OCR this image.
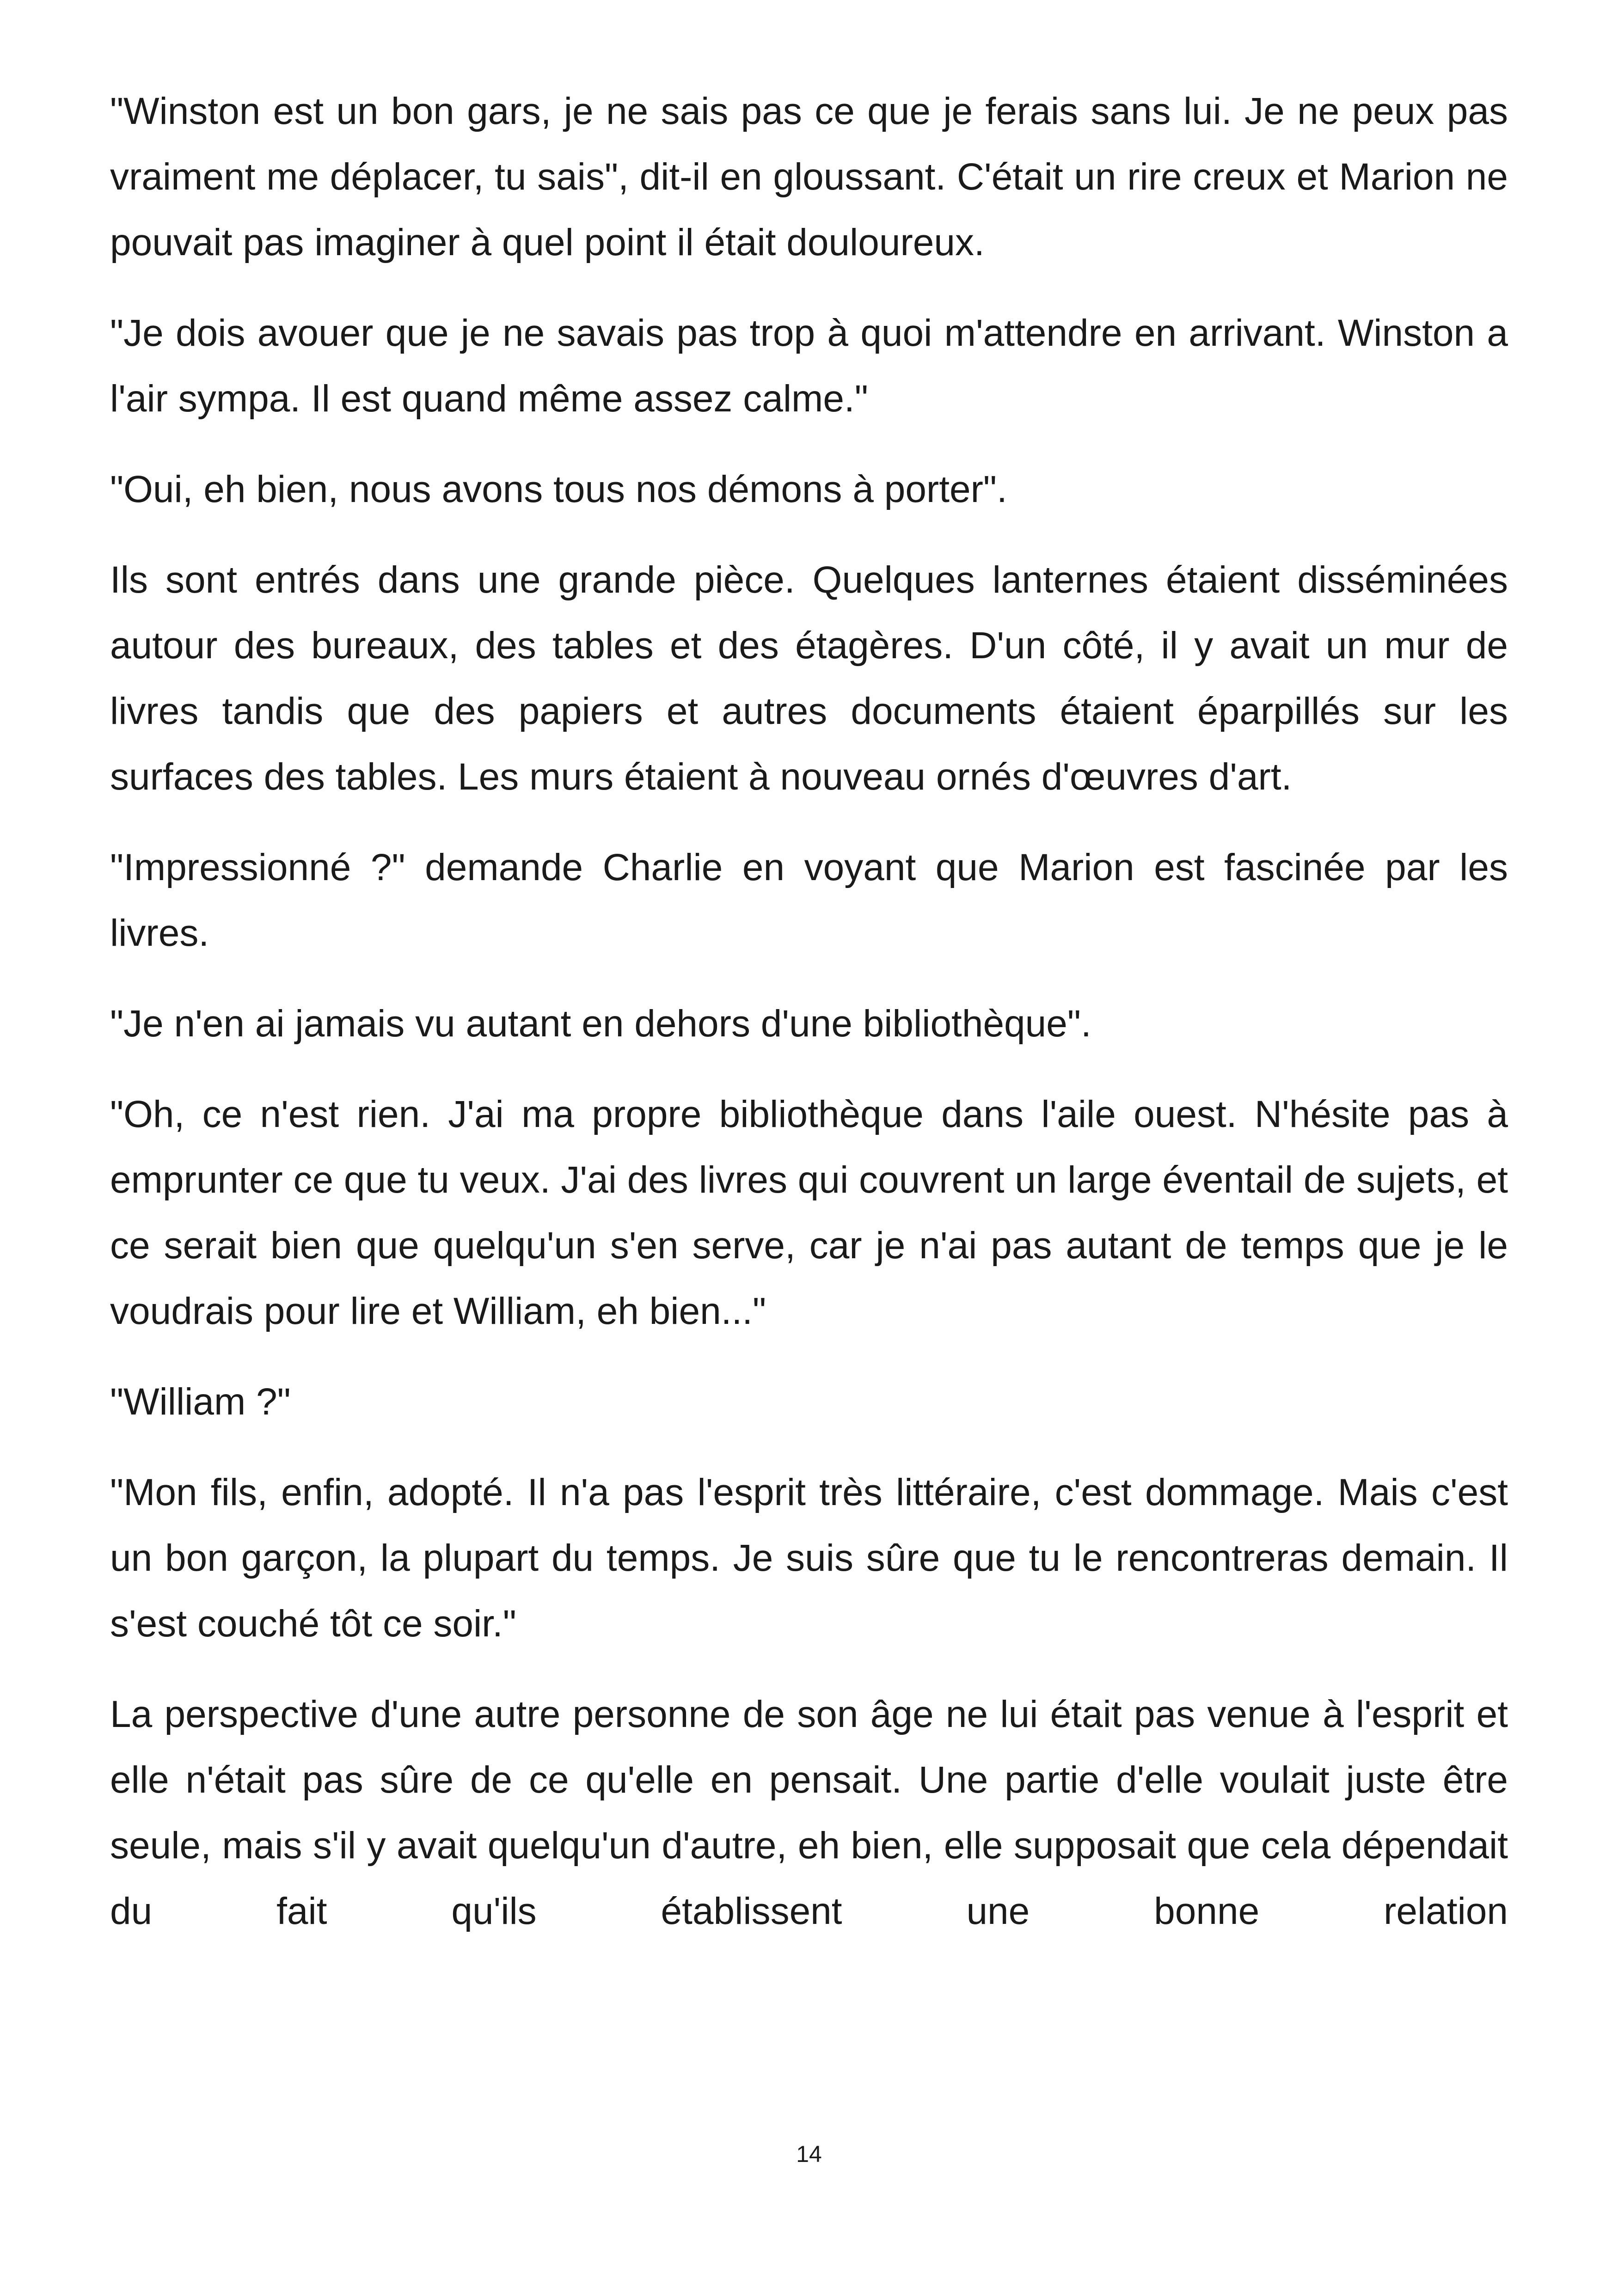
"Winston est un bon gars, je ne sais pas ce que je ferais sans lui. Je ne peux pas vraiment me déplacer, tu sais", dit-il en gloussant. C'était un rire creux et Marion ne pouvait pas imaginer à quel point il était douloureux.

"Je dois avouer que je ne savais pas trop à quoi m'attendre en arrivant. Winston a l'air sympa. Il est quand même assez calme."

"Oui, eh bien, nous avons tous nos démons à porter".

Ils sont entrés dans une grande pièce. Quelques lanternes étaient disséminées autour des bureaux, des tables et des étagères. D'un côté, il y avait un mur de livres tandis que des papiers et autres documents étaient éparpillés sur les surfaces des tables. Les murs étaient à nouveau ornés d'œuvres d'art.

"Impressionné ?" demande Charlie en voyant que Marion est fascinée par les livres.

"Je n'en ai jamais vu autant en dehors d'une bibliothèque".

"Oh, ce n'est rien. J'ai ma propre bibliothèque dans l'aile ouest. N'hésite pas à emprunter ce que tu veux. J'ai des livres qui couvrent un large éventail de sujets, et ce serait bien que quelqu'un s'en serve, car je n'ai pas autant de temps que je le voudrais pour lire et William, eh bien..."

"William ?"

"Mon fils, enfin, adopté. Il n'a pas l'esprit très littéraire, c'est dommage. Mais c'est un bon garçon, la plupart du temps. Je suis sûre que tu le rencontreras demain. Il s'est couché tôt ce soir."

La perspective d'une autre personne de son âge ne lui était pas venue à l'esprit et elle n'était pas sûre de ce qu'elle en pensait. Une partie d'elle voulait juste être seule, mais s'il y avait quelqu'un d'autre, eh bien, elle supposait que cela dépendait du fait qu'ils établissent une bonne relation

14
